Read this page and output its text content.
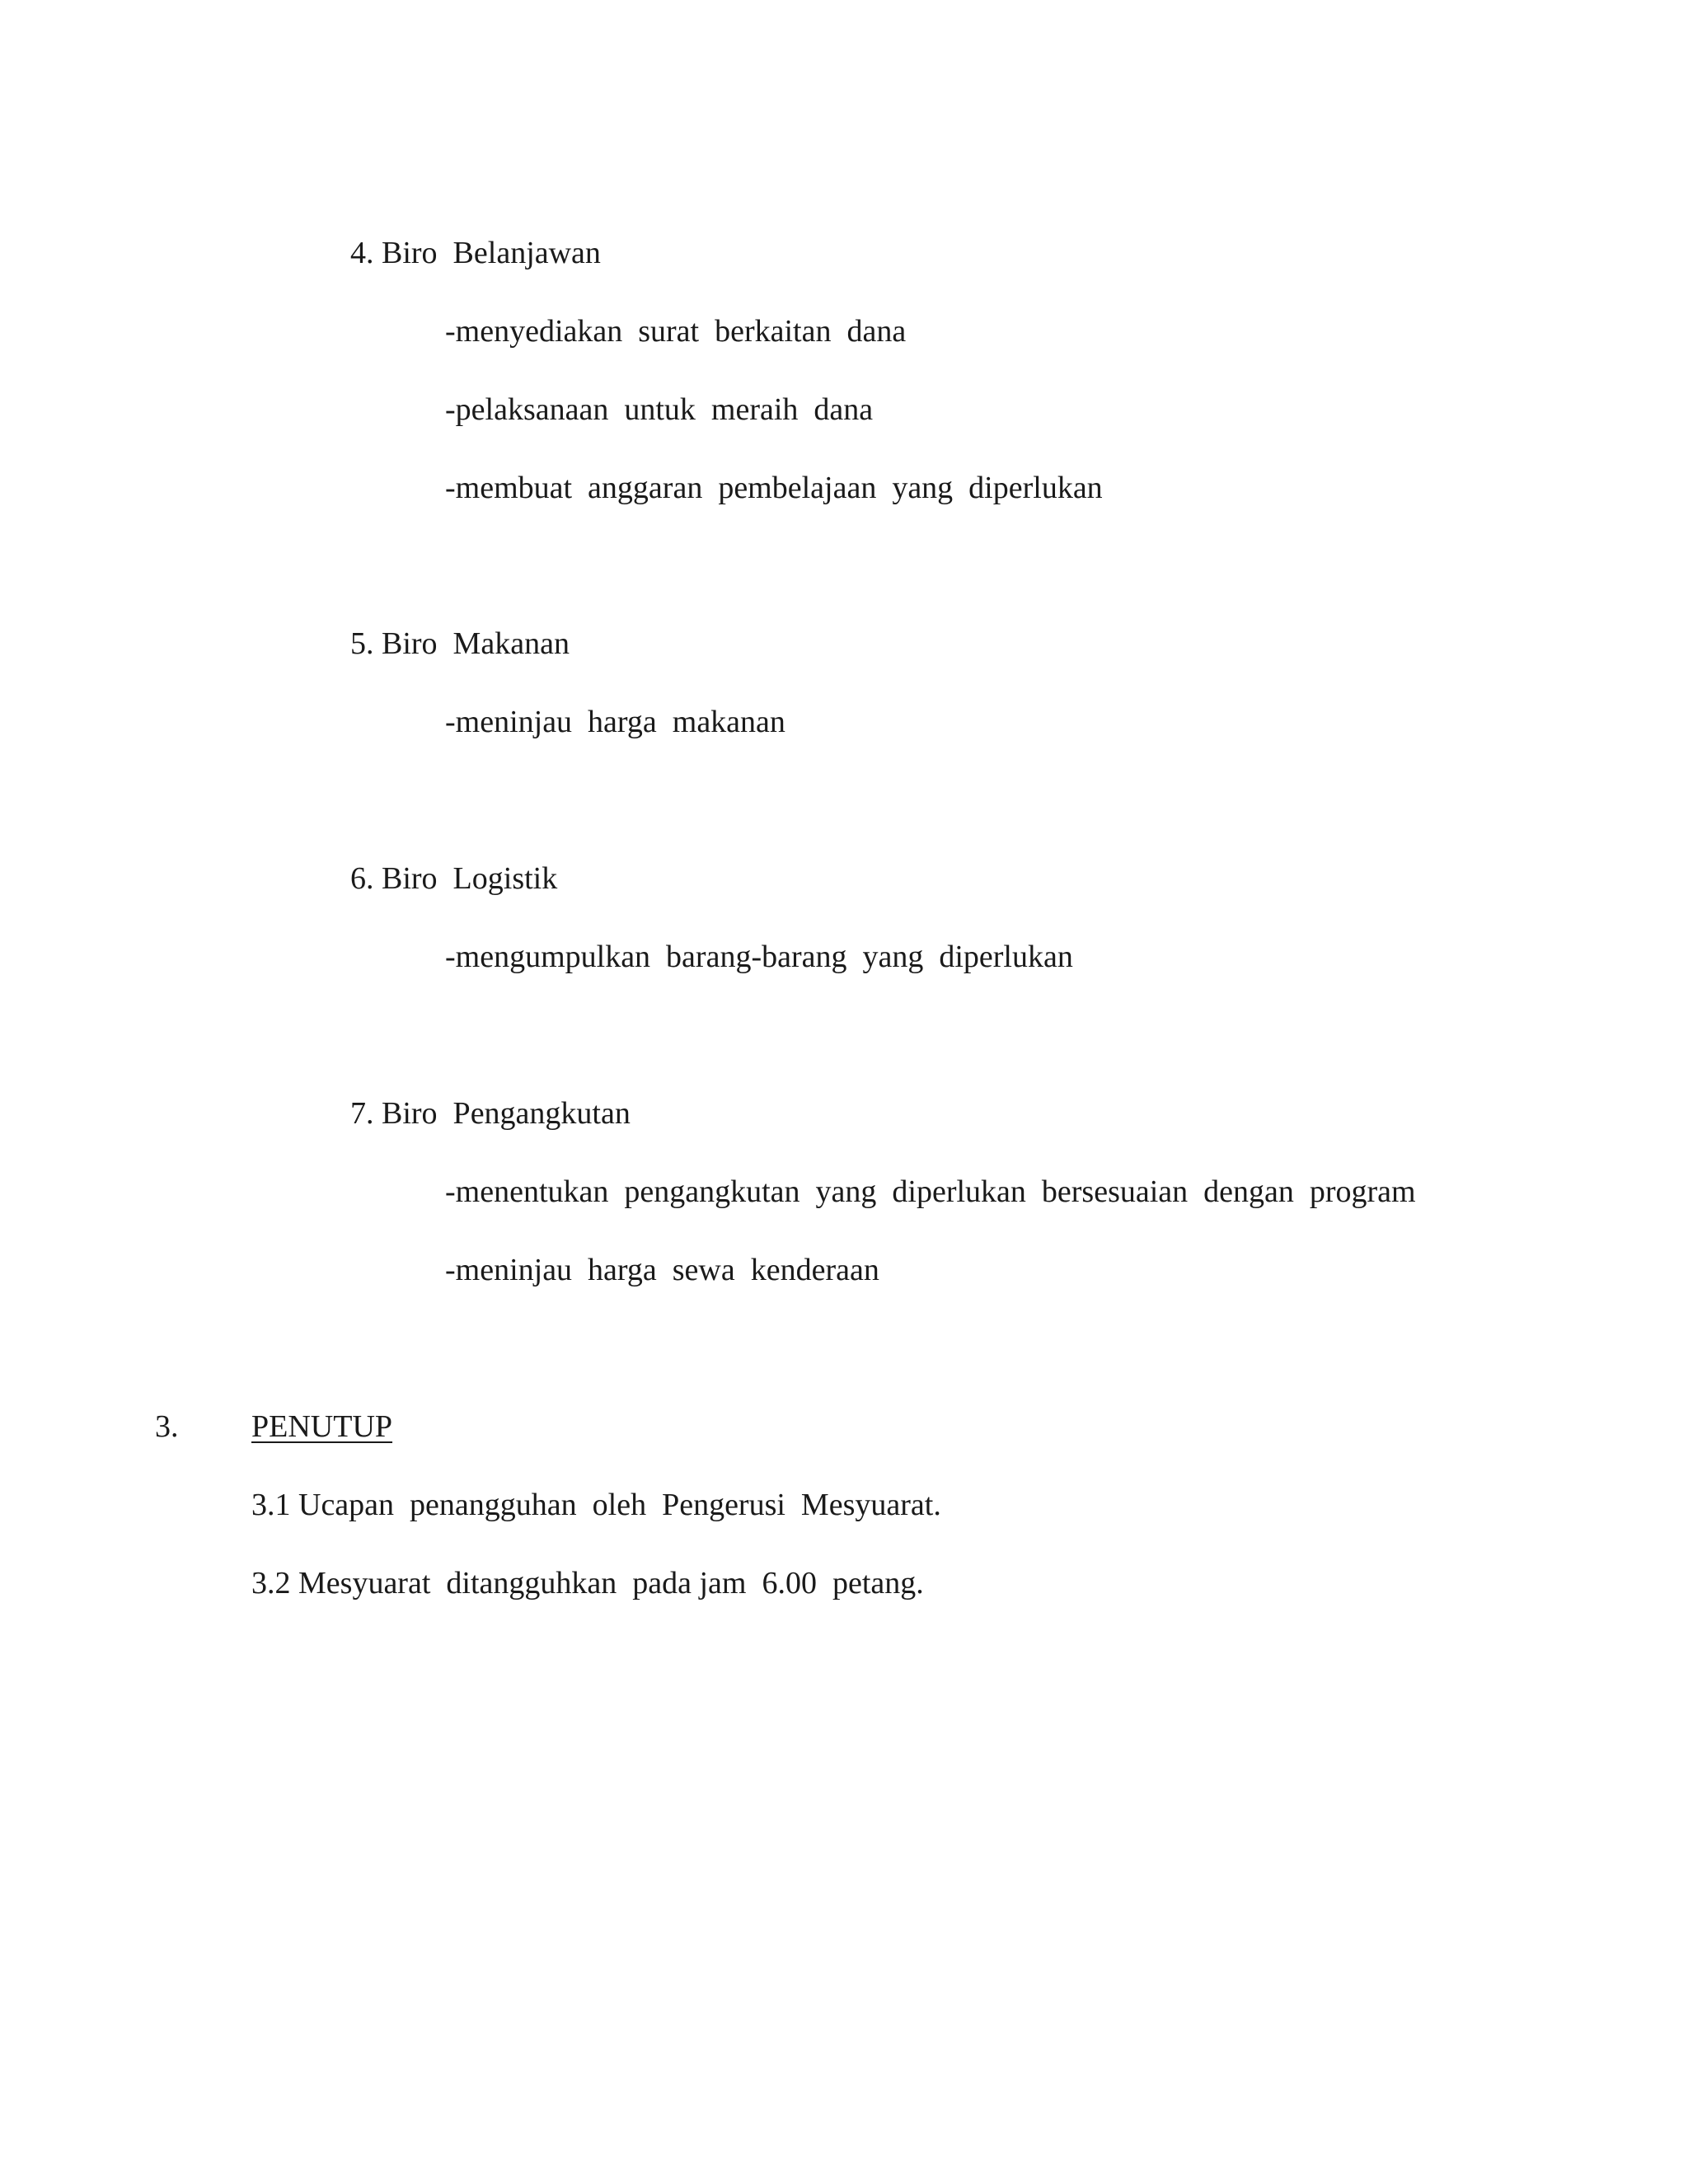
4. Biro  Belanjawan
-menyediakan  surat  berkaitan  dana
-pelaksanaan  untuk  meraih  dana
-membuat  anggaran  pembelajaan  yang  diperlukan
5. Biro  Makanan
-meninjau  harga  makanan
6. Biro  Logistik
-mengumpulkan  barang-barang  yang  diperlukan
7. Biro  Pengangkutan
-menentukan  pengangkutan  yang  diperlukan  bersesuaian  dengan  program
-meninjau  harga  sewa  kenderaan
3. PENUTUP
3.1 Ucapan  penangguhan  oleh  Pengerusi  Mesyuarat.
3.2 Mesyuarat  ditangguhkan  pada jam  6.00  petang.
